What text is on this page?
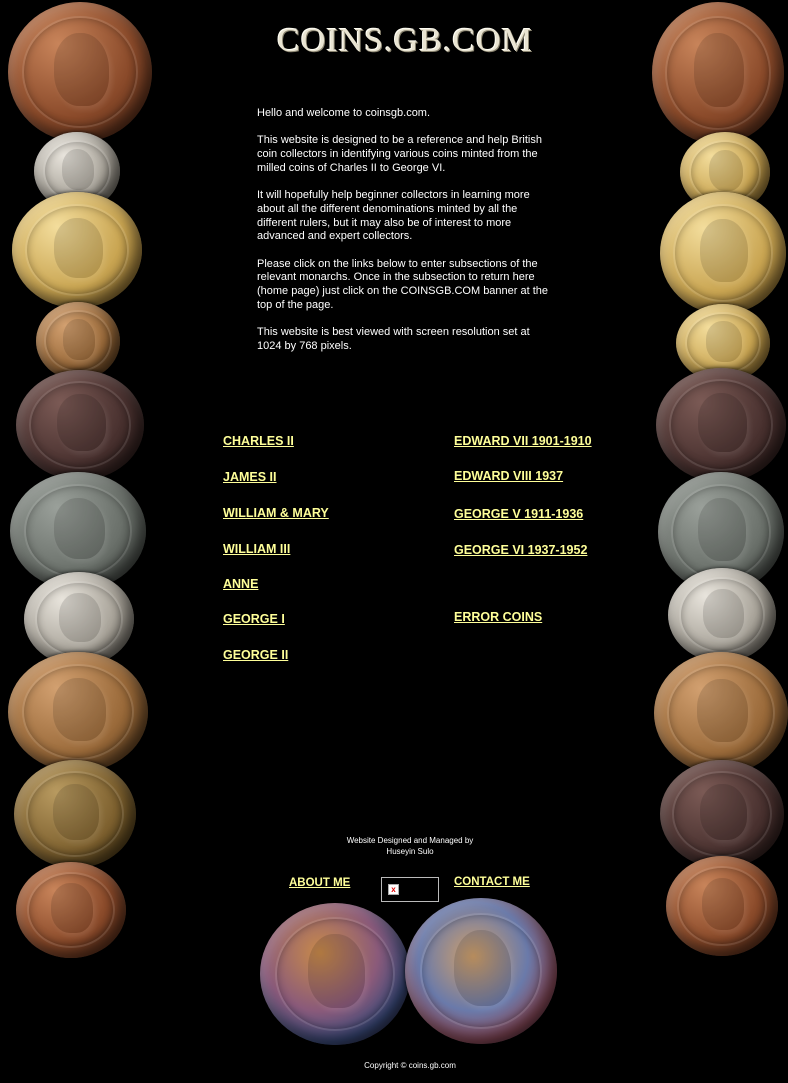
COINS.GB.COM

Hello and welcome to coinsgb.com.

This website is designed to be a reference and help British coin collectors in identifying various coins minted from the milled coins of Charles II to George VI.

It will hopefully help beginner collectors in learning more about all the different denominations minted by all the different rulers, but it may also be of interest to more advanced and expert collectors.

Please click on the links below to enter subsections of the relevant monarchs. Once in the subsection to return here (home page) just click on the COINSGB.COM banner at the top of the page.

This website is best viewed with screen resolution set at 1024 by 768 pixels.

CHARLES II
JAMES II
WILLIAM & MARY
WILLIAM III
ANNE
GEORGE I
GEORGE II
EDWARD VII 1901-1910
EDWARD VIII 1937
GEORGE V 1911-1936
GEORGE VI 1937-1952
ERROR COINS
Website Designed and Managed by
Huseyin Sulo
ABOUT ME
x
CONTACT ME
Copyright © coins.gb.com
